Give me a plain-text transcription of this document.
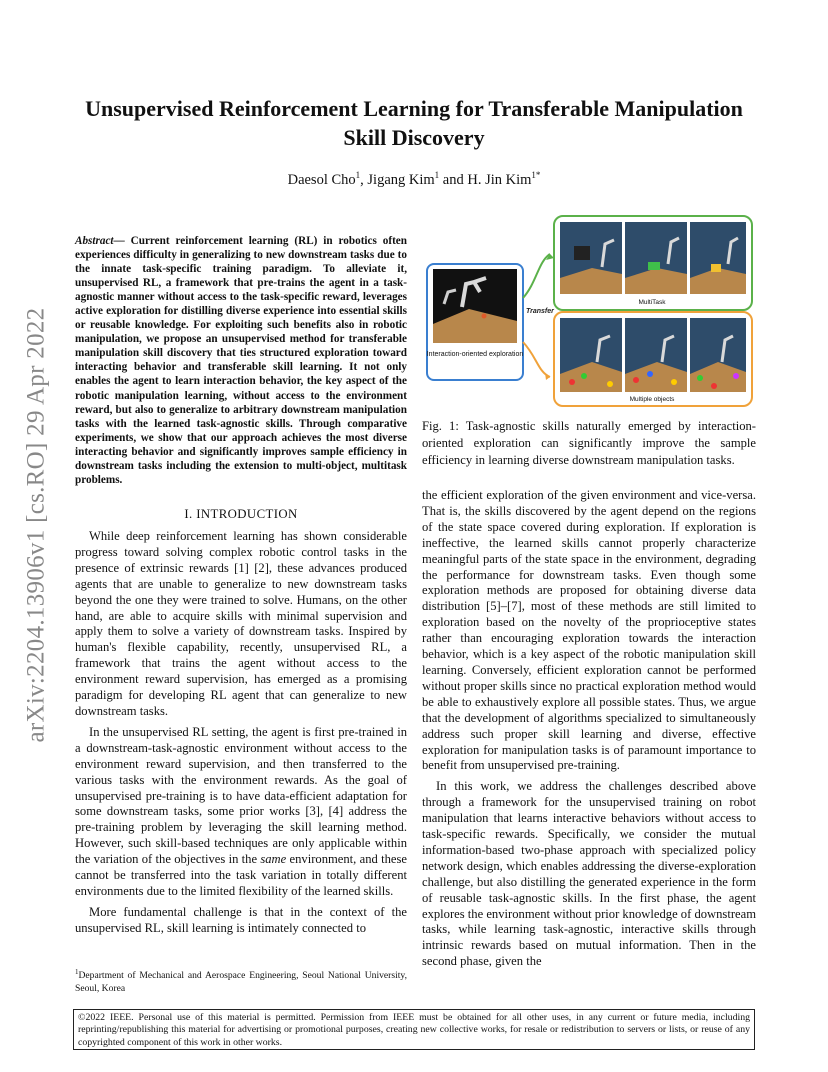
arXiv:2204.13906v1 [cs.RO] 29 Apr 2022
Unsupervised Reinforcement Learning for Transferable Manipulation Skill Discovery
Daesol Cho$^1$, Jigang Kim$^1$ and H. Jin Kim$^{1*}$
Abstract— Current reinforcement learning (RL) in robotics often experiences difficulty in generalizing to new downstream tasks due to the innate task-specific training paradigm. To alleviate it, unsupervised RL, a framework that pre-trains the agent in a task-agnostic manner without access to the task-specific reward, leverages active exploration for distilling diverse experience into essential skills or reusable knowledge. For exploiting such benefits also in robotic manipulation, we propose an unsupervised method for transferable manipulation skill discovery that ties structured exploration toward interacting behavior and transferable skill learning. It not only enables the agent to learn interaction behavior, the key aspect of the robotic manipulation learning, without access to the environment reward, but also to generalize to arbitrary downstream manipulation tasks with the learned task-agnostic skills. Through comparative experiments, we show that our approach achieves the most diverse interacting behavior and significantly improves sample efficiency in downstream tasks including the extension to multi-object, multitask problems.
I. INTRODUCTION

While deep reinforcement learning has shown considerable progress toward solving complex robotic control tasks in the presence of extrinsic rewards [1] [2], these advances produced agents that are unable to generalize to new downstream tasks beyond the one they were trained to solve. Humans, on the other hand, are able to acquire skills with minimal supervision and apply them to solve a variety of downstream tasks. Inspired by human's flexible capability, recently, unsupervised RL, a framework that trains the agent without access to the environment reward supervision, has emerged as a promising paradigm for developing RL agent that can generalize to new downstream tasks.

In the unsupervised RL setting, the agent is first pre-trained in a downstream-task-agnostic environment without access to the environment reward supervision, and then transferred to the various tasks with the environment rewards. As the goal of unsupervised pre-training is to have data-efficient adaptation for some downstream tasks, some prior works [3], [4] address the pre-training problem by leveraging the skill learning method. However, such skill-based techniques are only applicable within the variation of the objectives in the same environment, and these cannot be transferred into the task variation in totally different environments due to the limited flexibility of the learned skills.

More fundamental challenge is that in the context of the unsupervised RL, skill learning is intimately connected to

$^1$Department of Mechanical and Aerospace Engineering, Seoul National University, Seoul, Korea
Interaction-oriented exploration
Transfer
MultiTask
Multiple objects
Fig. 1: Task-agnostic skills naturally emerged by interaction-oriented exploration can significantly improve the sample efficiency in learning diverse downstream manipulation tasks.

the efficient exploration of the given environment and vice-versa. That is, the skills discovered by the agent depend on the regions of the state space covered during exploration. If exploration is ineffective, the learned skills cannot properly characterize meaningful parts of the state space in the environment, degrading the performance for downstream tasks. Even though some exploration methods are proposed for obtaining diverse data distribution [5]–[7], most of these methods are still limited to exploration based on the novelty of the proprioceptive states rather than encouraging exploration towards the interaction behavior, which is a key aspect of the robotic manipulation skill learning. Conversely, efficient exploration cannot be performed without proper skills since no practical exploration method would be able to exhaustively explore all possible states. Thus, we argue that the development of algorithms specialized to simultaneously address such proper skill learning and diverse, effective exploration for manipulation tasks is of paramount importance to benefit from unsupervised pre-training.

In this work, we address the challenges described above through a framework for the unsupervised training on robot manipulation that learns interactive behaviors without access to task-specific rewards. Specifically, we consider the mutual information-based two-phase approach with specialized policy network design, which enables addressing the diverse-exploration challenge, but also distilling the generated experience in the form of reusable task-agnostic skills. In the first phase, the agent explores the environment without prior knowledge of downstream tasks, while learning task-agnostic, interactive skills through intrinsic rewards based on mutual information. Then in the second phase, given the

©2022 IEEE. Personal use of this material is permitted. Permission from IEEE must be obtained for all other uses, in any current or future media, including reprinting/republishing this material for advertising or promotional purposes, creating new collective works, for resale or redistribution to servers or lists, or reuse of any copyrighted component of this work in other works.
